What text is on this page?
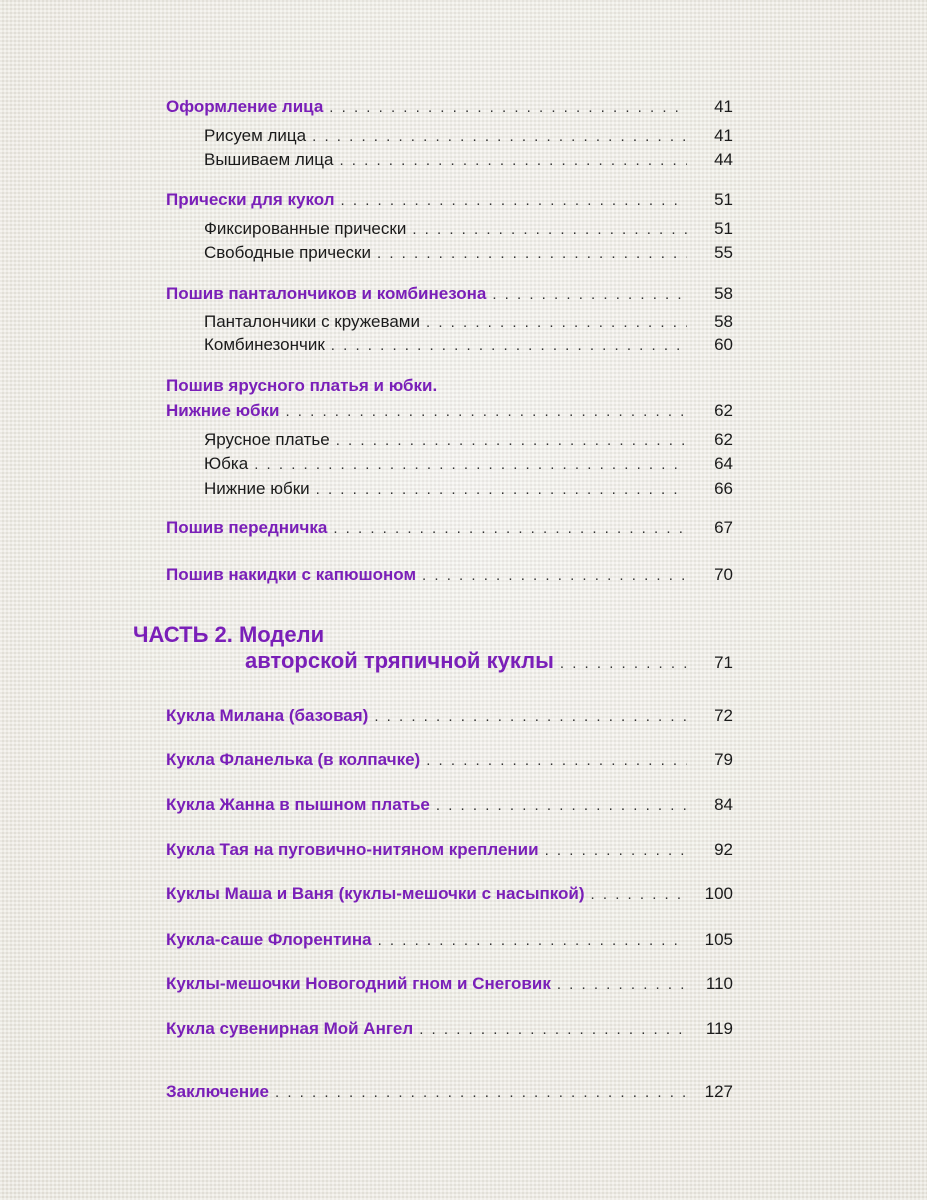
Оформление лица . . .	41
Рисуем лица . . .	41
Вышиваем лица . . .	44
Прически для кукол . . .	51
Фиксированные прически . . .	51
Свободные прически . . .	55
Пошив панталончиков и комбинезона . . .	58
Панталончики с кружевами . . .	58
Комбинезончик . . .	60
Пошив ярусного платья и юбки.
Нижние юбки . . .	62
Ярусное платье . . .	62
Юбка . . .	64
Нижние юбки . . .	66
Пошив передничка . . .	67
Пошив накидки с капюшоном . . .	70
ЧАСТЬ 2. Модели
авторской тряпичной куклы . . .	71
Кукла Милана (базовая) . . .	72
Кукла Фланелька (в колпачке) . . .	79
Кукла Жанна в пышном платье . . .	84
Кукла Тая на пуговично-нитяном креплении . . .	92
Куклы Маша и Ваня (куклы-мешочки с насыпкой) . . .	100
Кукла-саше Флорентина . . .	105
Куклы-мешочки Новогодний гном и Снеговик . . .	110
Кукла сувенирная Мой Ангел . . .	119
Заключение . . .	127
